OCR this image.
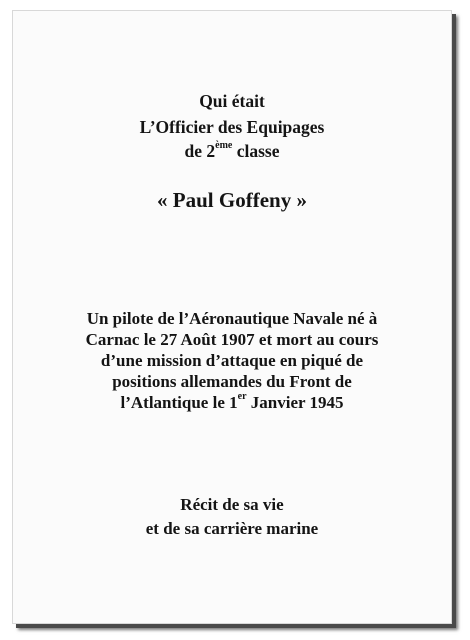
Qui était
L’Officier des Equipages
de 2ème classe
« Paul Goffeny »
Un pilote de l’Aéronautique Navale né à
Carnac le 27 Août 1907 et mort au cours
d’une mission d’attaque en piqué de
positions allemandes du Front de
l’Atlantique le 1er Janvier 1945
Récit de sa vie
et de sa carrière marine
